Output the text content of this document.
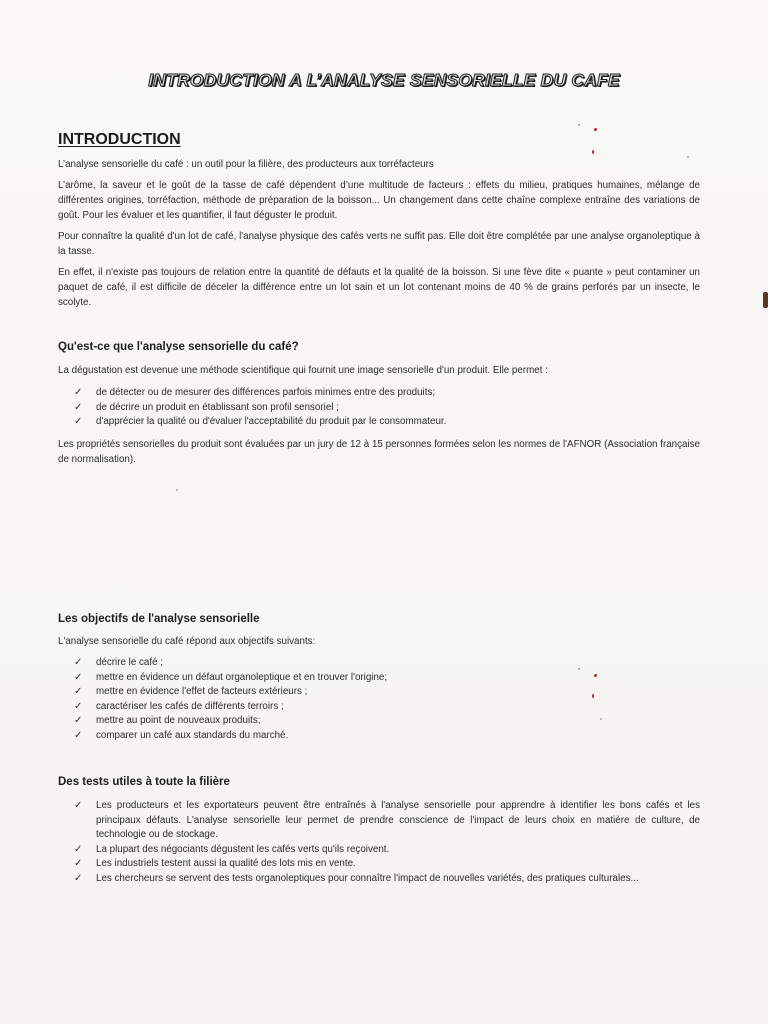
INTRODUCTION A L’ANALYSE SENSORIELLE DU CAFE
INTRODUCTION

L’analyse sensorielle du café : un outil pour la filière, des producteurs aux torréfacteurs

L’arôme, la saveur et le goût de la tasse de café dépendent d’une multitude de facteurs : effets du milieu, pratiques humaines, mélange de différentes origines, torréfaction, méthode de préparation de la boisson... Un changement dans cette chaîne complexe entraîne des variations de goût. Pour les évaluer et les quantifier, il faut déguster le produit.

Pour connaître la qualité d'un lot de café, l'analyse physique des cafés verts ne suffit pas. Elle doit être complétée par une analyse organoleptique à la tasse.

En effet, il n'existe pas toujours de relation entre la quantité de défauts et la qualité de la boisson. Si une fève dite « puante » peut contaminer un paquet de café, il est difficile de déceler la différence entre un lot sain et un lot contenant moins de 40 % de grains perforés par un insecte, le scolyte.

Qu'est-ce que l'analyse sensorielle du café?

La dégustation est devenue une méthode scientifique qui fournit une image sensorielle d'un produit. Elle permet :

✓ de détecter ou de mesurer des différences parfois minimes entre des produits;
✓ de décrire un produit en établissant son profil sensoriel ;
✓ d'apprécier la qualité ou d'évaluer l'acceptabilité du produit par le consommateur.

Les propriétés sensorielles du produit sont évaluées par un jury de 12 à 15 personnes formées selon les normes de l'AFNOR (Association française de normalisation).

Les objectifs de l'analyse sensorielle

L'analyse sensorielle du café répond aux objectifs suivants:

✓ décrire le café ;
✓ mettre en évidence un défaut organoleptique et en trouver l'origine;
✓ mettre en évidence l'effet de facteurs extérieurs ;
✓ caractériser les cafés de différents terroirs ;
✓ mettre au point de nouveaux produits;
✓ comparer un café aux standards du marché.
Des tests utiles à toute la filière
✓ Les producteurs et les exportateurs peuvent être entraînés à l'analyse sensorielle pour apprendre à identifier les bons cafés et les principaux défauts. L'analyse sensorielle leur permet de prendre conscience de l'impact de leurs choix en matière de culture, de technologie ou de stockage.
✓ La plupart des négociants dégustent les cafés verts qu'ils reçoivent.
✓ Les industriels testent aussi la qualité des lots mis en vente.
✓ Les chercheurs se servent des tests organoleptiques pour connaître l'impact de nouvelles variétés, des pratiques culturales...
